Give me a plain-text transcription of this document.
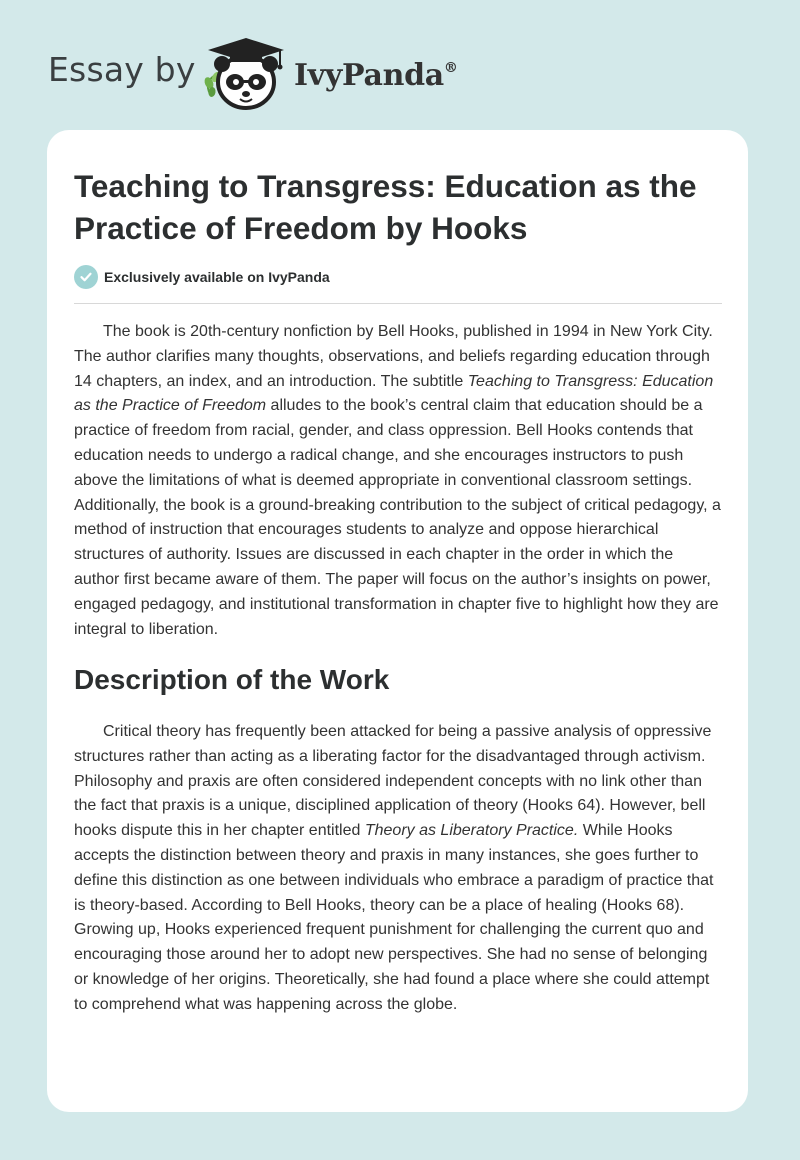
Essay by	IvyPanda®
Teaching to Transgress: Education as the Practice of Freedom by Hooks
Exclusively available on IvyPanda

The book is 20th-century nonfiction by Bell Hooks, published in 1994 in New York City. The author clarifies many thoughts, observations, and beliefs regarding education through 14 chapters, an index, and an introduction. The subtitle Teaching to Transgress: Education as the Practice of Freedom alludes to the book’s central claim that education should be a practice of freedom from racial, gender, and class oppression. Bell Hooks contends that education needs to undergo a radical change, and she encourages instructors to push above the limitations of what is deemed appropriate in conventional classroom settings. Additionally, the book is a ground-breaking contribution to the subject of critical pedagogy, a method of instruction that encourages students to analyze and oppose hierarchical structures of authority. Issues are discussed in each chapter in the order in which the author first became aware of them. The paper will focus on the author’s insights on power, engaged pedagogy, and institutional transformation in chapter five to highlight how they are integral to liberation.

Description of the Work

Critical theory has frequently been attacked for being a passive analysis of oppressive structures rather than acting as a liberating factor for the disadvantaged through activism. Philosophy and praxis are often considered independent concepts with no link other than the fact that praxis is a unique, disciplined application of theory (Hooks 64). However, bell hooks dispute this in her chapter entitled Theory as Liberatory Practice. While Hooks accepts the distinction between theory and praxis in many instances, she goes further to define this distinction as one between individuals who embrace a paradigm of practice that is theory-based. According to Bell Hooks, theory can be a place of healing (Hooks 68). Growing up, Hooks experienced frequent punishment for challenging the current quo and encouraging those around her to adopt new perspectives. She had no sense of belonging or knowledge of her origins. Theoretically, she had found a place where she could attempt to comprehend what was happening across the globe.
